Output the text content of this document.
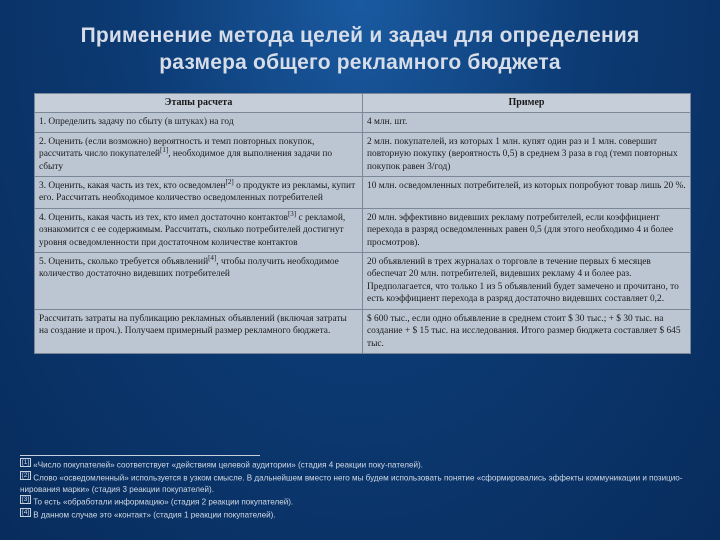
Применение метода целей и задач для определения
размера общего рекламного бюджета
Этапы расчета	Пример
1. Определить задачу по сбыту (в штуках) на год	4 млн. шт.
2. Оценить (если возможно) вероятность и темп повторных покупок, рассчитать число покупателей[1], необходимое для выполнения задачи по сбыту	2 млн. покупателей, из которых 1 млн. купят один раз и 1 млн. совершит повторную покупку (вероятность 0,5) в среднем 3 раза в год (темп повторных покупок равен 3/год)
3. Оценить, какая часть из тех, кто осведомлен[2] о продукте из рекламы, купит его. Рассчитать необходимое количество осведомленных потребителей	10 млн. осведомленных потребителей, из которых попробуют товар лишь 20 %.
4. Оценить, какая часть из тех, кто имел достаточно контактов[3] с рекламой, ознакомится с ее содержимым. Рассчитать, сколько потребителей достигнут уровня осведомленности при достаточном количестве контактов	20 млн. эффективно видевших рекламу потребителей, если коэффициент перехода в разряд осведомленных равен 0,5 (для этого необходимо 4 и более просмотров).
5. Оценить, сколько требуется объявлений[4], чтобы получить необходимое количество достаточно видевших потребителей	20 объявлений в трех журналах о торговле в течение первых 6 месяцев обеспечат 20 млн. потребителей, видевших рекламу 4 и более раз. Предполагается, что только 1 из 5 объявлений будет замечено и прочитано, то есть коэффициент перехода в разряд достаточно видевших составляет 0,2.
Рассчитать затраты на публикацию рекламных объявлений (включая затраты на создание и проч.). Получаем примерный размер рекламного бюджета.	$ 600 тыс., если одно объявление в среднем стоит $ 30 тыс.; + $ 30 тыс. на создание + $ 15 тыс. на исследования. Итого размер бюджета составляет $ 645 тыс.
[1] «Число покупателей» соответствует «действиям целевой аудитории» (стадия 4 реакции поку-пателей).
[2] Слово «осведомленный» используется в узком смысле. В дальнейшем вместо него мы будем использовать понятие «сформировались эффекты коммуникации и позицио-нирования марки» (стадия 3 реакции покупателей).
[3] То есть «обработали информацию» (стадия 2 реакции покупателей).
[4] В данном случае это «контакт» (стадия 1 реакции покупателей).
